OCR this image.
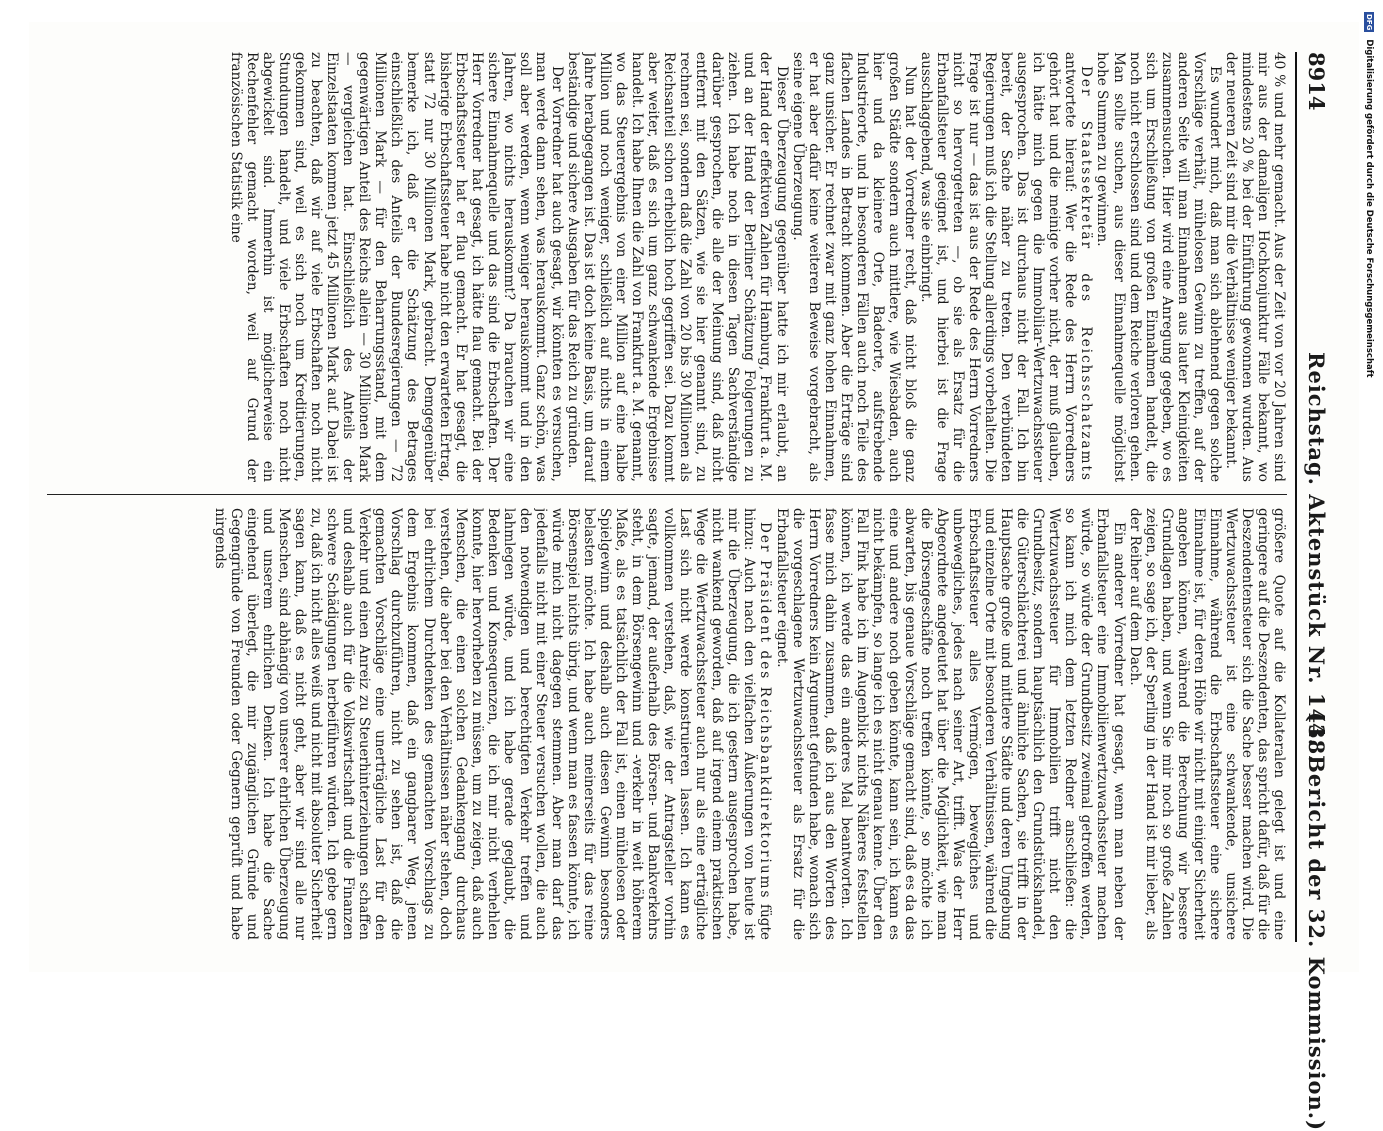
DFG Digitalisierung gefördert durch die Deutsche Forschungsgemeinschaft
8914
Reichstag. Aktenstück Nr. 1438.
(4. Bericht der 32. Kommission.)

40 % und mehr gemacht. Aus der Zeit von vor 20 Jahren sind mir aus der damaligen Hochkonjunktur Fälle bekannt, wo mindestens 20 % bei der Einführung gewonnen wurden. Aus der neueren Zeit sind mir die Verhältnisse weniger bekannt.

Es wundert mich, daß man sich ablehnend gegen solche Vorschläge verhält, mühelosen Gewinn zu treffen, auf der anderen Seite will man Einnahmen aus lauter Kleinigkeiten zusammensuchen. Hier wird eine Anregung gegeben, wo es sich um Erschließung von großen Einnahmen handelt, die noch nicht erschlossen sind und dem Reiche verloren gehen. Man sollte suchen, aus dieser Einnahmequelle möglichst hohe Summen zu gewinnen.

Der Staatssekretär des Reichsschatzamts antwortete hierauf: Wer die Rede des Herrn Vorredners gehört hat und die meinige vorher nicht, der muß glauben, ich hätte mich gegen die Immobiliar-Wertzuwachssteuer ausgesprochen. Das ist durchaus nicht der Fall. Ich bin bereit, der Sache näher zu treten. Den verbündeten Regierungen muß ich die Stellung allerdings vorbehalten. Die Frage ist nur — das ist aus der Rede des Herrn Vorredners nicht so hervorgetreten —, ob sie als Ersatz für die Erbanfallsteuer geeignet ist, und hierbei ist die Frage ausschlaggebend, was sie einbringt.

Nun hat der Vorredner recht, daß nicht bloß die ganz großen Städte sondern auch mittlere, wie Wiesbaden, auch hier und da kleinere Orte, Badeorte, aufstrebende Industrieorte, und in besonderen Fällen auch noch Teile des flachen Landes in Betracht kommen. Aber die Erträge sind ganz unsicher. Er rechnet zwar mit ganz hohen Einnahmen, er hat aber dafür keine weiteren Beweise vorgebracht, als seine eigene Überzeugung.

Dieser Überzeugung gegenüber hatte ich mir erlaubt, an der Hand der effektiven Zahlen für Hamburg, Frankfurt a. M. und an der Hand der Berliner Schätzung Folgerungen zu ziehen. Ich habe noch in diesen Tagen Sachverständige darüber gesprochen, die alle der Meinung sind, daß nicht entfernt mit den Sätzen, wie sie hier genannt sind, zu rechnen sei, sondern daß die Zahl von 20 bis 30 Millionen als Reichsanteil schon erheblich hoch gegriffen sei. Dazu kommt aber weiter, daß es sich um ganz schwankende Ergebnisse handelt. Ich habe Ihnen die Zahl von Frankfurt a. M. genannt, wo das Steuerergebnis von einer Million auf eine halbe Million und noch weniger, schließlich auf nichts in einem Jahre herabgegangen ist. Das ist doch keine Basis, um darauf beständige und sichere Ausgaben für das Reich zu gründen.

Der Vorredner hat auch gesagt, wir könnten es versuchen, man werde dann sehen, was herauskommt. Ganz schön, was soll aber werden, wenn weniger herauskommt und in den Jahren, wo nichts herauskommt? Da brauchen wir eine sichere Einnahmequelle und das sind die Erbschaften. Der Herr Vorredner hat gesagt, ich hätte flau gemacht. Bei der Erbschaftssteuer hat er flau gemacht. Er hat gesagt, die bisherige Erbschaftssteuer habe nicht den erwarteten Ertrag, statt 72 nur 30 Millionen Mark, gebracht. Demgegenüber bemerke ich, daß er die Schätzung des Betrages einschließlich des Anteils der Bundesregierungen — 72 Millionen Mark — für den Beharrungsstand, mit dem gegenwärtigen Anteil des Reichs allein — 30 Millionen Mark — vergleichen hat. Einschließlich des Anteils der Einzelstaaten kommen jetzt 45 Millionen Mark auf. Dabei ist zu beachten, daß wir auf viele Erbschaften noch nicht gekommen sind, weil es sich noch um Kreditierungen, Stundungen handelt, und viele Erbschaften noch nicht abgewickelt sind. Immerhin ist möglicherweise ein Rechenfehler gemacht worden, weil auf Grund der französischen Statistik eine

größere Quote auf die Kollateralen gelegt ist und eine geringere auf die Deszendenten, das spricht dafür, daß für die Deszendentensteuer sich die Sache besser machen wird. Die Wertzuwachssteuer ist eine schwankende, unsichere Einnahme, während die Erbschaftssteuer eine sichere Einnahme ist, für deren Höhe wir nicht mit einiger Sicherheit angeben können, während die Berechnung wir bessere Grundlagen haben, und wenn Sie mir noch so große Zahlen zeigen, so sage ich, der Sperling in der Hand ist mir lieber, als der Reiher auf dem Dach.

Ein anderer Vorredner hat gesagt, wenn man neben der Erbanfallsteuer eine Immobilienwertzuwachssteuer machen würde, so würde der Grundbesitz zweimal getroffen werden, so kann ich mich dem letzten Redner anschließen: die Wertzuwachssteuer für Immobilien trifft nicht den Grundbesitz, sondern hauptsächlich den Grundstückshandel, die Güterschlächterei und ähnliche Sachen, sie trifft in der Hauptsache große und mittlere Städte und deren Umgebung und einzelne Orte mit besonderen Verhältnissen, während die Erbschaftssteuer alles Vermögen, bewegliches und unbewegliches, jedes nach seiner Art, trifft. Was der Herr Abgeordnete angedeutet hat über die Möglichkeit, wie man die Börsengeschäfte noch treffen könnte, so möchte ich abwarten, bis genaue Vorschläge gemacht sind, daß es da das eine und andere noch geben könnte, kann sein, ich kann es nicht bekämpfen, so lange ich es nicht genau kenne. Über den Fall Fink habe ich im Augenblick nichts Näheres feststellen können, ich werde das ein anderes Mal beantworten. Ich fasse mich dahin zusammen, daß ich aus den Worten des Herrn Vorredners kein Argument gefunden habe, wonach sich die vorgeschlagene Wertzuwachssteuer als Ersatz für die Erbanfallsteuer eignet.

Der Präsident des Reichsbankdirektoriums fügte hinzu: Auch nach den vielfachen Äußerungen von heute ist mir die Überzeugung, die ich gestern ausgesprochen habe, nicht wankend geworden, daß auf irgend einem praktischen Wege die Wertzuwachssteuer auch nur als eine erträgliche Last sich nicht werde konstruieren lassen. Ich kann es vollkommen verstehen, daß, wie der Antragsteller vorhin sagte, jemand, der außerhalb des Börsen- und Bankverkehrs steht, in dem Börsengewinn und -verkehr in weit höherem Maße, als es tatsächlich der Fall ist, einen mühelosen oder Spielgewinn und deshalb auch diesen Gewinn besonders belasten möchte. Ich habe auch meinerseits für das reine Börsenspiel nichts übrig, und wenn man es fassen könnte, ich würde mich nicht dagegen stemmen. Aber man darf das jedenfalls nicht mit einer Steuer versuchen wollen, die auch den notwendigen und berechtigten Verkehr treffen und lahmlegen würde, und ich habe gerade geglaubt, die Bedenken und Konsequenzen, die ich mir nicht verhehlen konnte, hier hervorheben zu müssen, um zu zeigen, daß auch Menschen, die einen solchen Gedankengang durchaus verstehen, die aber bei den Verhältnissen näher stehen, doch bei ehrlichem Durchdenken des gemachten Vorschlags zu dem Ergebnis kommen, daß ein gangbarer Weg, jenen Vorschlag durchzuführen, nicht zu sehen ist, daß die gemachten Vorschläge eine unerträgliche Last für den Verkehr und einen Anreiz zu Steuerhinterziehungen schaffen und deshalb auch für die Volkswirtschaft und die Finanzen schwere Schädigungen herbeiführen würden. Ich gebe gern zu, daß ich nicht alles weiß und nicht mit absoluter Sicherheit sagen kann, daß es nicht geht, aber wir sind alle nur Menschen, sind abhängig von unserer ehrlichen Überzeugung und unserem ehrlichen Denken. Ich habe die Sache eingehend überlegt, die mir zugänglichen Gründe und Gegengründe von Freunden oder Gegnern geprüft und habe nirgends
